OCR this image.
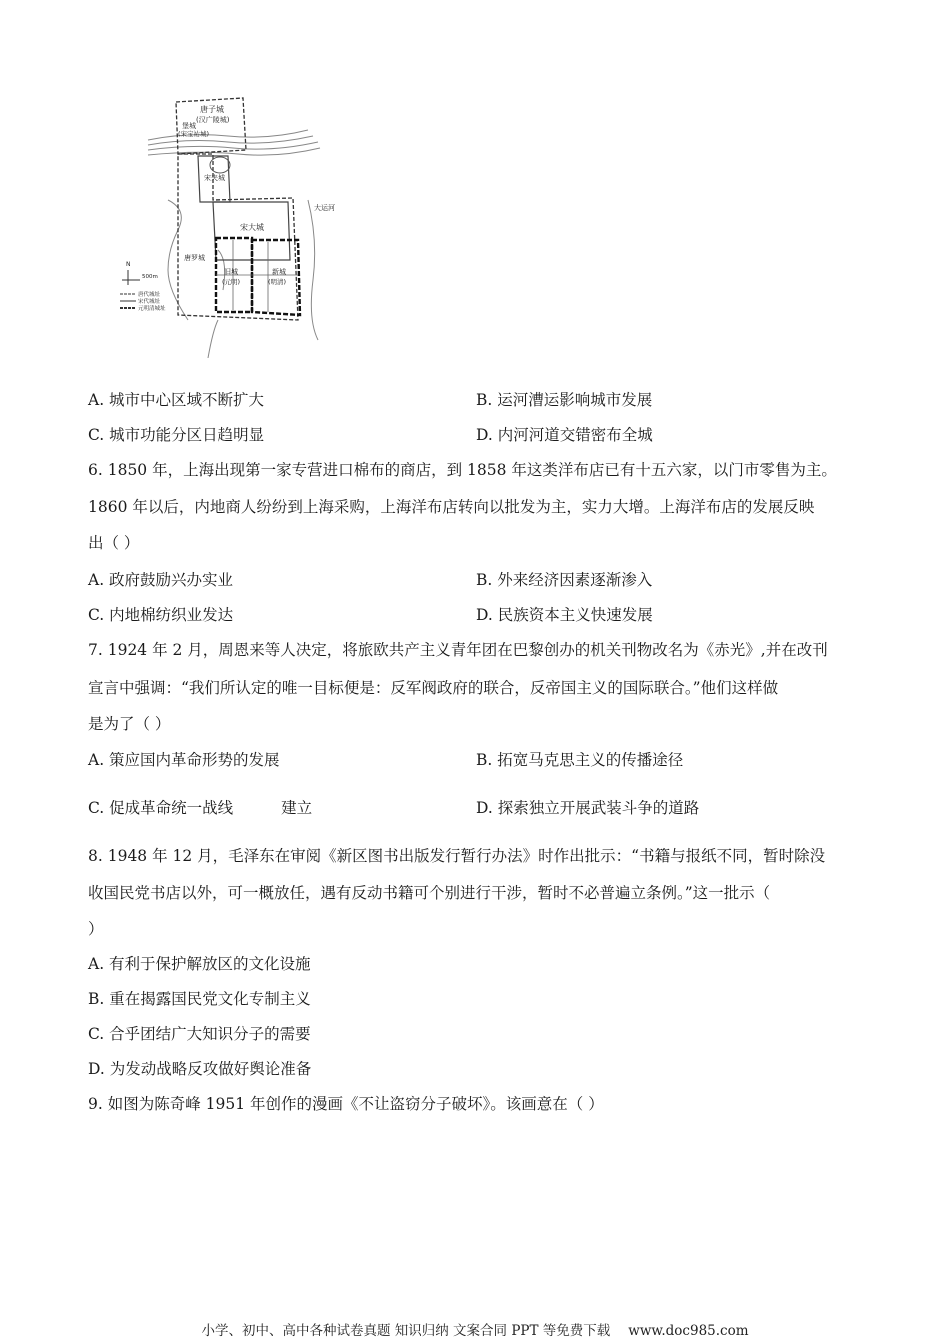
唐子城
(汉广陵城)
堡城
(宋宝祐城)
宋夹城
宋大城
唐罗城
旧城
(元明)
新城
(明清)
大运河
N
500m
唐代城址
宋代城址
元明清城址
A. 城市中心区域不断扩大	B. 运河漕运影响城市发展
C. 城市功能分区日趋明显	D. 内河河道交错密布全城
6. 1850 年，上海出现第一家专营进口棉布的商店，到 1858 年这类洋布店已有十五六家，以门市零售为主。
1860 年以后，内地商人纷纷到上海采购，上海洋布店转向以批发为主，实力大增。上海洋布店的发展反映
出（ ）
A. 政府鼓励兴办实业	B. 外来经济因素逐渐渗入
C. 内地棉纺织业发达	D. 民族资本主义快速发展
7. 1924 年 2 月，周恩来等人决定，将旅欧共产主义青年团在巴黎创办的机关刊物改名为《赤光》,并在改刊
宣言中强调：“我们所认定的唯一目标便是：反军阀政府的联合，反帝国主义的国际联合。”他们这样做
是为了（ ）
A. 策应国内革命形势的发展	B. 拓宽马克思主义的传播途径
C. 促成革命统一战线	建立	D. 探索独立开展武装斗争的道路
8. 1948 年 12 月，毛泽东在审阅《新区图书出版发行暂行办法》时作出批示：“书籍与报纸不同，暂时除没
收国民党书店以外，可一概放任，遇有反动书籍可个别进行干涉，暂时不必普遍立条例。”这一批示（
）
A. 有利于保护解放区的文化设施
B. 重在揭露国民党文化专制主义
C. 合乎团结广大知识分子的需要
D. 为发动战略反攻做好舆论准备
9. 如图为陈奇峰 1951 年创作的漫画《不让盗窃分子破坏》。该画意在（ ）
小学、初中、高中各种试卷真题 知识归纳 文案合同 PPT 等免费下载 www.doc985.com
